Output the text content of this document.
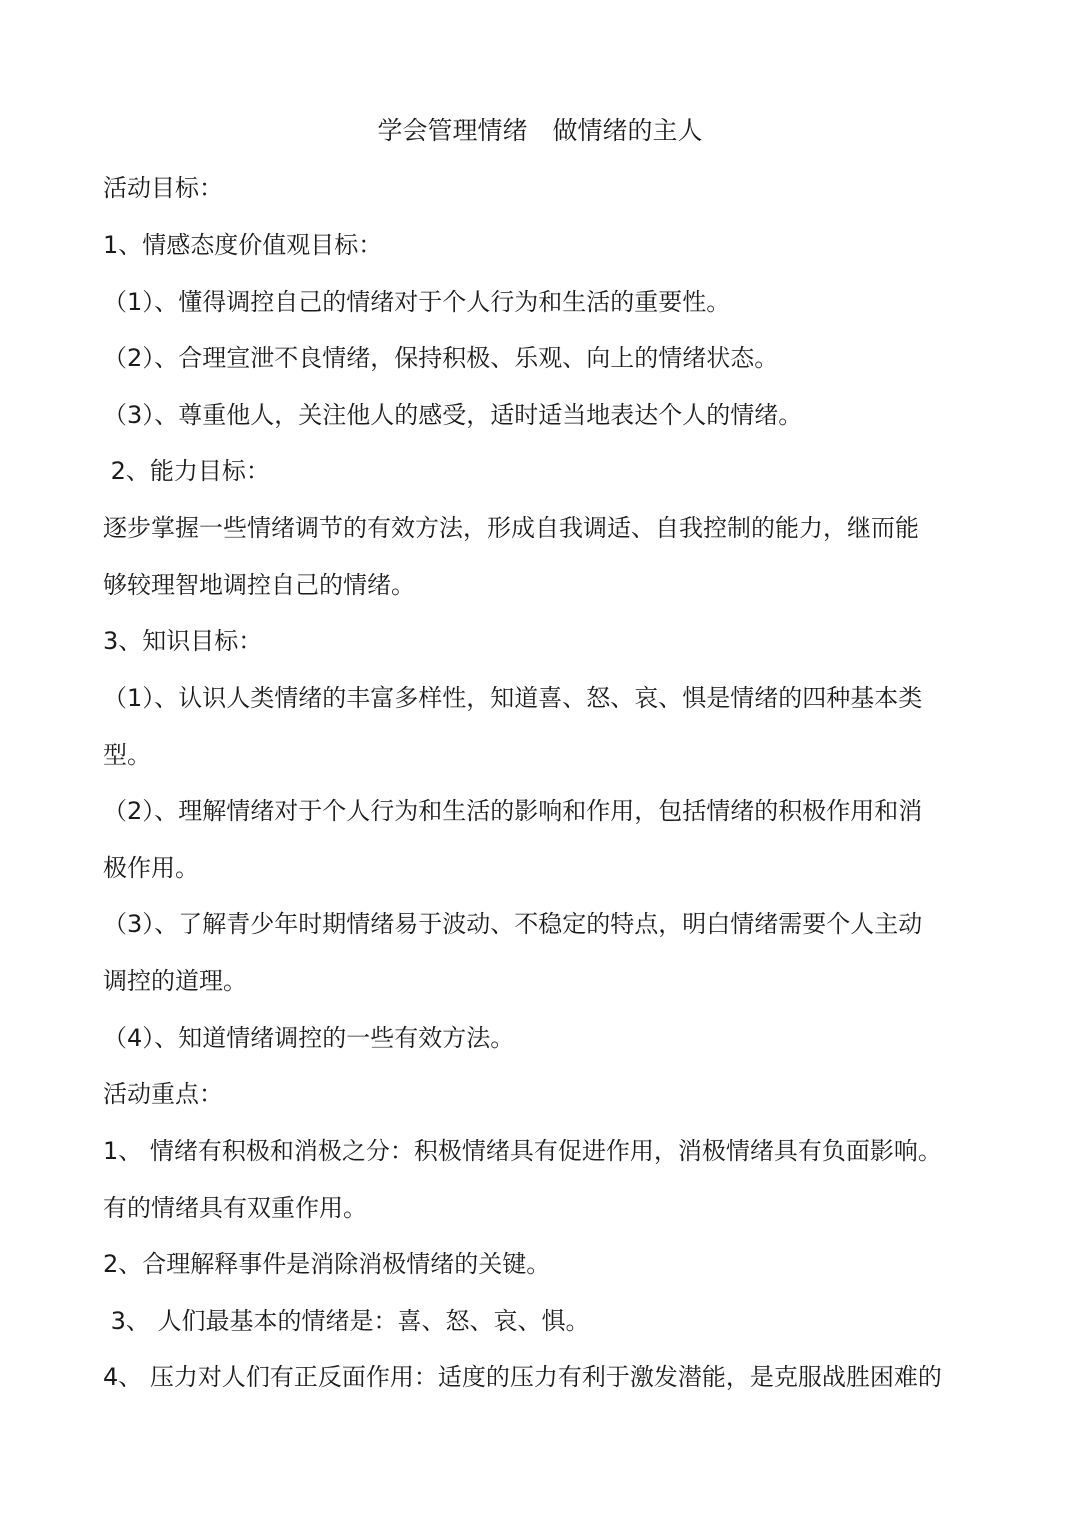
学会管理情绪　做情绪的主人
活动目标：
1、情感态度价值观目标：
（1）、懂得调控自己的情绪对于个人行为和生活的重要性。
（2）、合理宣泄不良情绪，保持积极、乐观、向上的情绪状态。
（3）、尊重他人，关注他人的感受，适时适当地表达个人的情绪。
2、能力目标：
逐步掌握一些情绪调节的有效方法，形成自我调适、自我控制的能力，继而能
够较理智地调控自己的情绪。
3、知识目标：
（1）、认识人类情绪的丰富多样性，知道喜、怒、哀、惧是情绪的四种基本类
型。
（2）、理解情绪对于个人行为和生活的影响和作用，包括情绪的积极作用和消
极作用。
（3）、了解青少年时期情绪易于波动、不稳定的特点，明白情绪需要个人主动
调控的道理。
（4）、知道情绪调控的一些有效方法。
活动重点：
1、 情绪有积极和消极之分：积极情绪具有促进作用，消极情绪具有负面影响。
有的情绪具有双重作用。
2、合理解释事件是消除消极情绪的关键。
3、 人们最基本的情绪是：喜、怒、哀、惧。
4、 压力对人们有正反面作用：适度的压力有利于激发潜能，是克服战胜困难的
